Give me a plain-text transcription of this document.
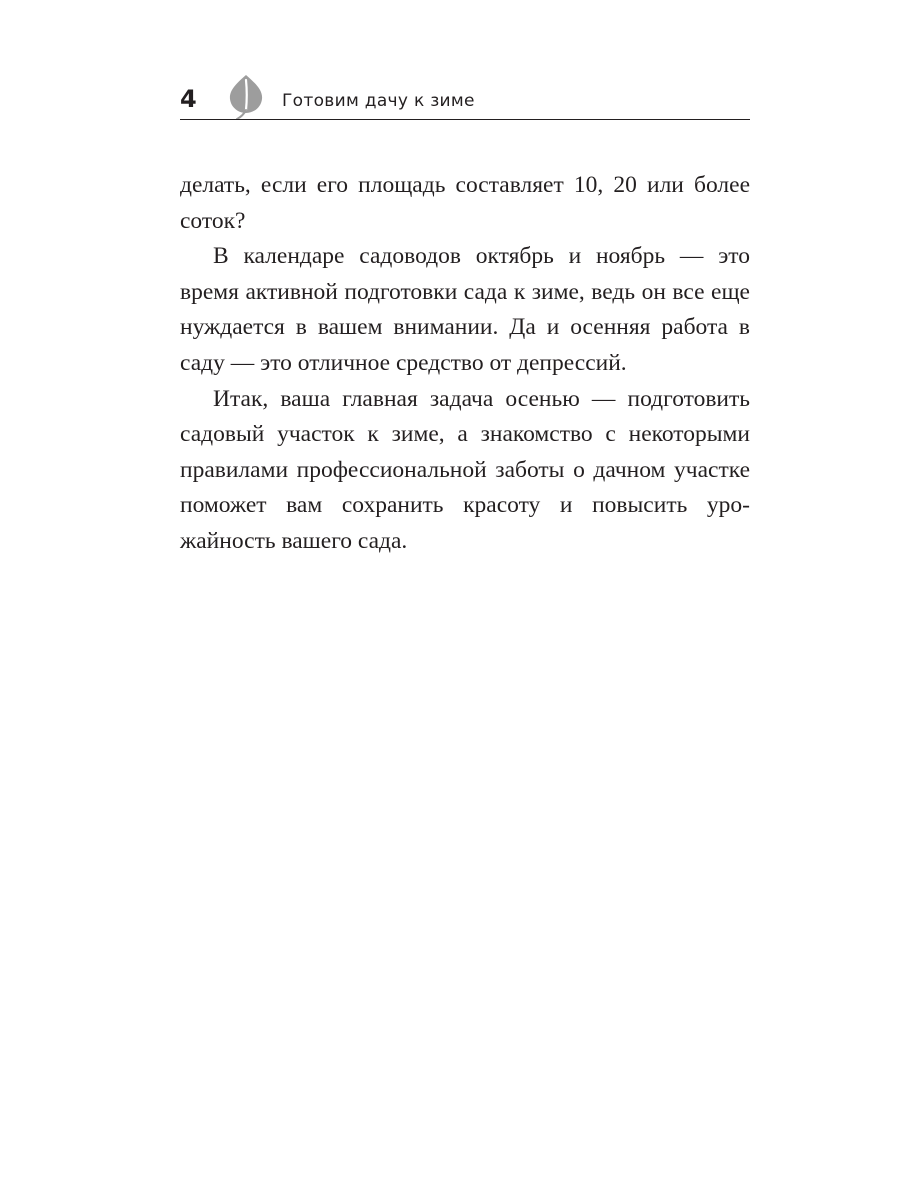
4	Готовим дачу к зиме

делать, если его площадь составляет 10, 20 или более соток?

В календаре садоводов октябрь и ноябрь — это время активной подготовки сада к зиме, ведь он все еще нуждается в вашем внимании. Да и осенняя работа в саду — это отличное средство от депрессий.

Итак, ваша главная задача осенью — подготовить садовый участок к зиме, а знакомство с некоторыми правилами профессиональной заботы о дачном участке поможет вам сохранить красоту и повысить урожайность вашего сада.
